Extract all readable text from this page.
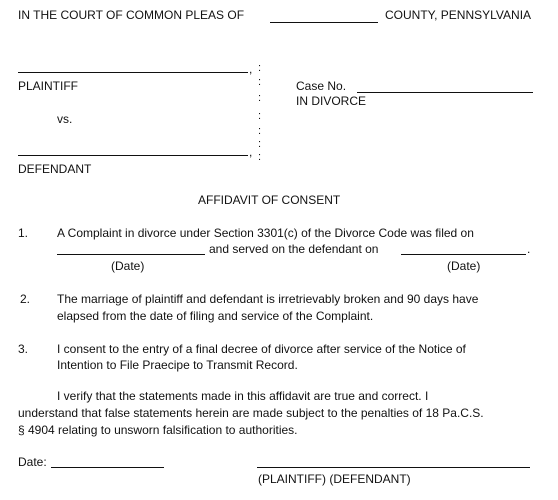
IN THE COURT OF COMMON PLEAS OF	COUNTY, PENNSYLVANIA
,
PLAINTIFF
vs.
,
DEFENDANT
:
:
:
:
:
:
:
Case No.
IN DIVORCE
AFFIDAVIT OF CONSENT
1. A Complaint in divorce under Section 3301(c) of the Divorce Code was filed on
and served on the defendant on	.
(Date)	(Date)
2. The marriage of plaintiff and defendant is irretrievably broken and 90 days have
elapsed from the date of filing and service of the Complaint.
3. I consent to the entry of a final decree of divorce after service of the Notice of
Intention to File Praecipe to Transmit Record.
I verify that the statements made in this affidavit are true and correct. I
understand that false statements herein are made subject to the penalties of 18 Pa.C.S.
§ 4904 relating to unsworn falsification to authorities.
Date:
(PLAINTIFF) (DEFENDANT)
